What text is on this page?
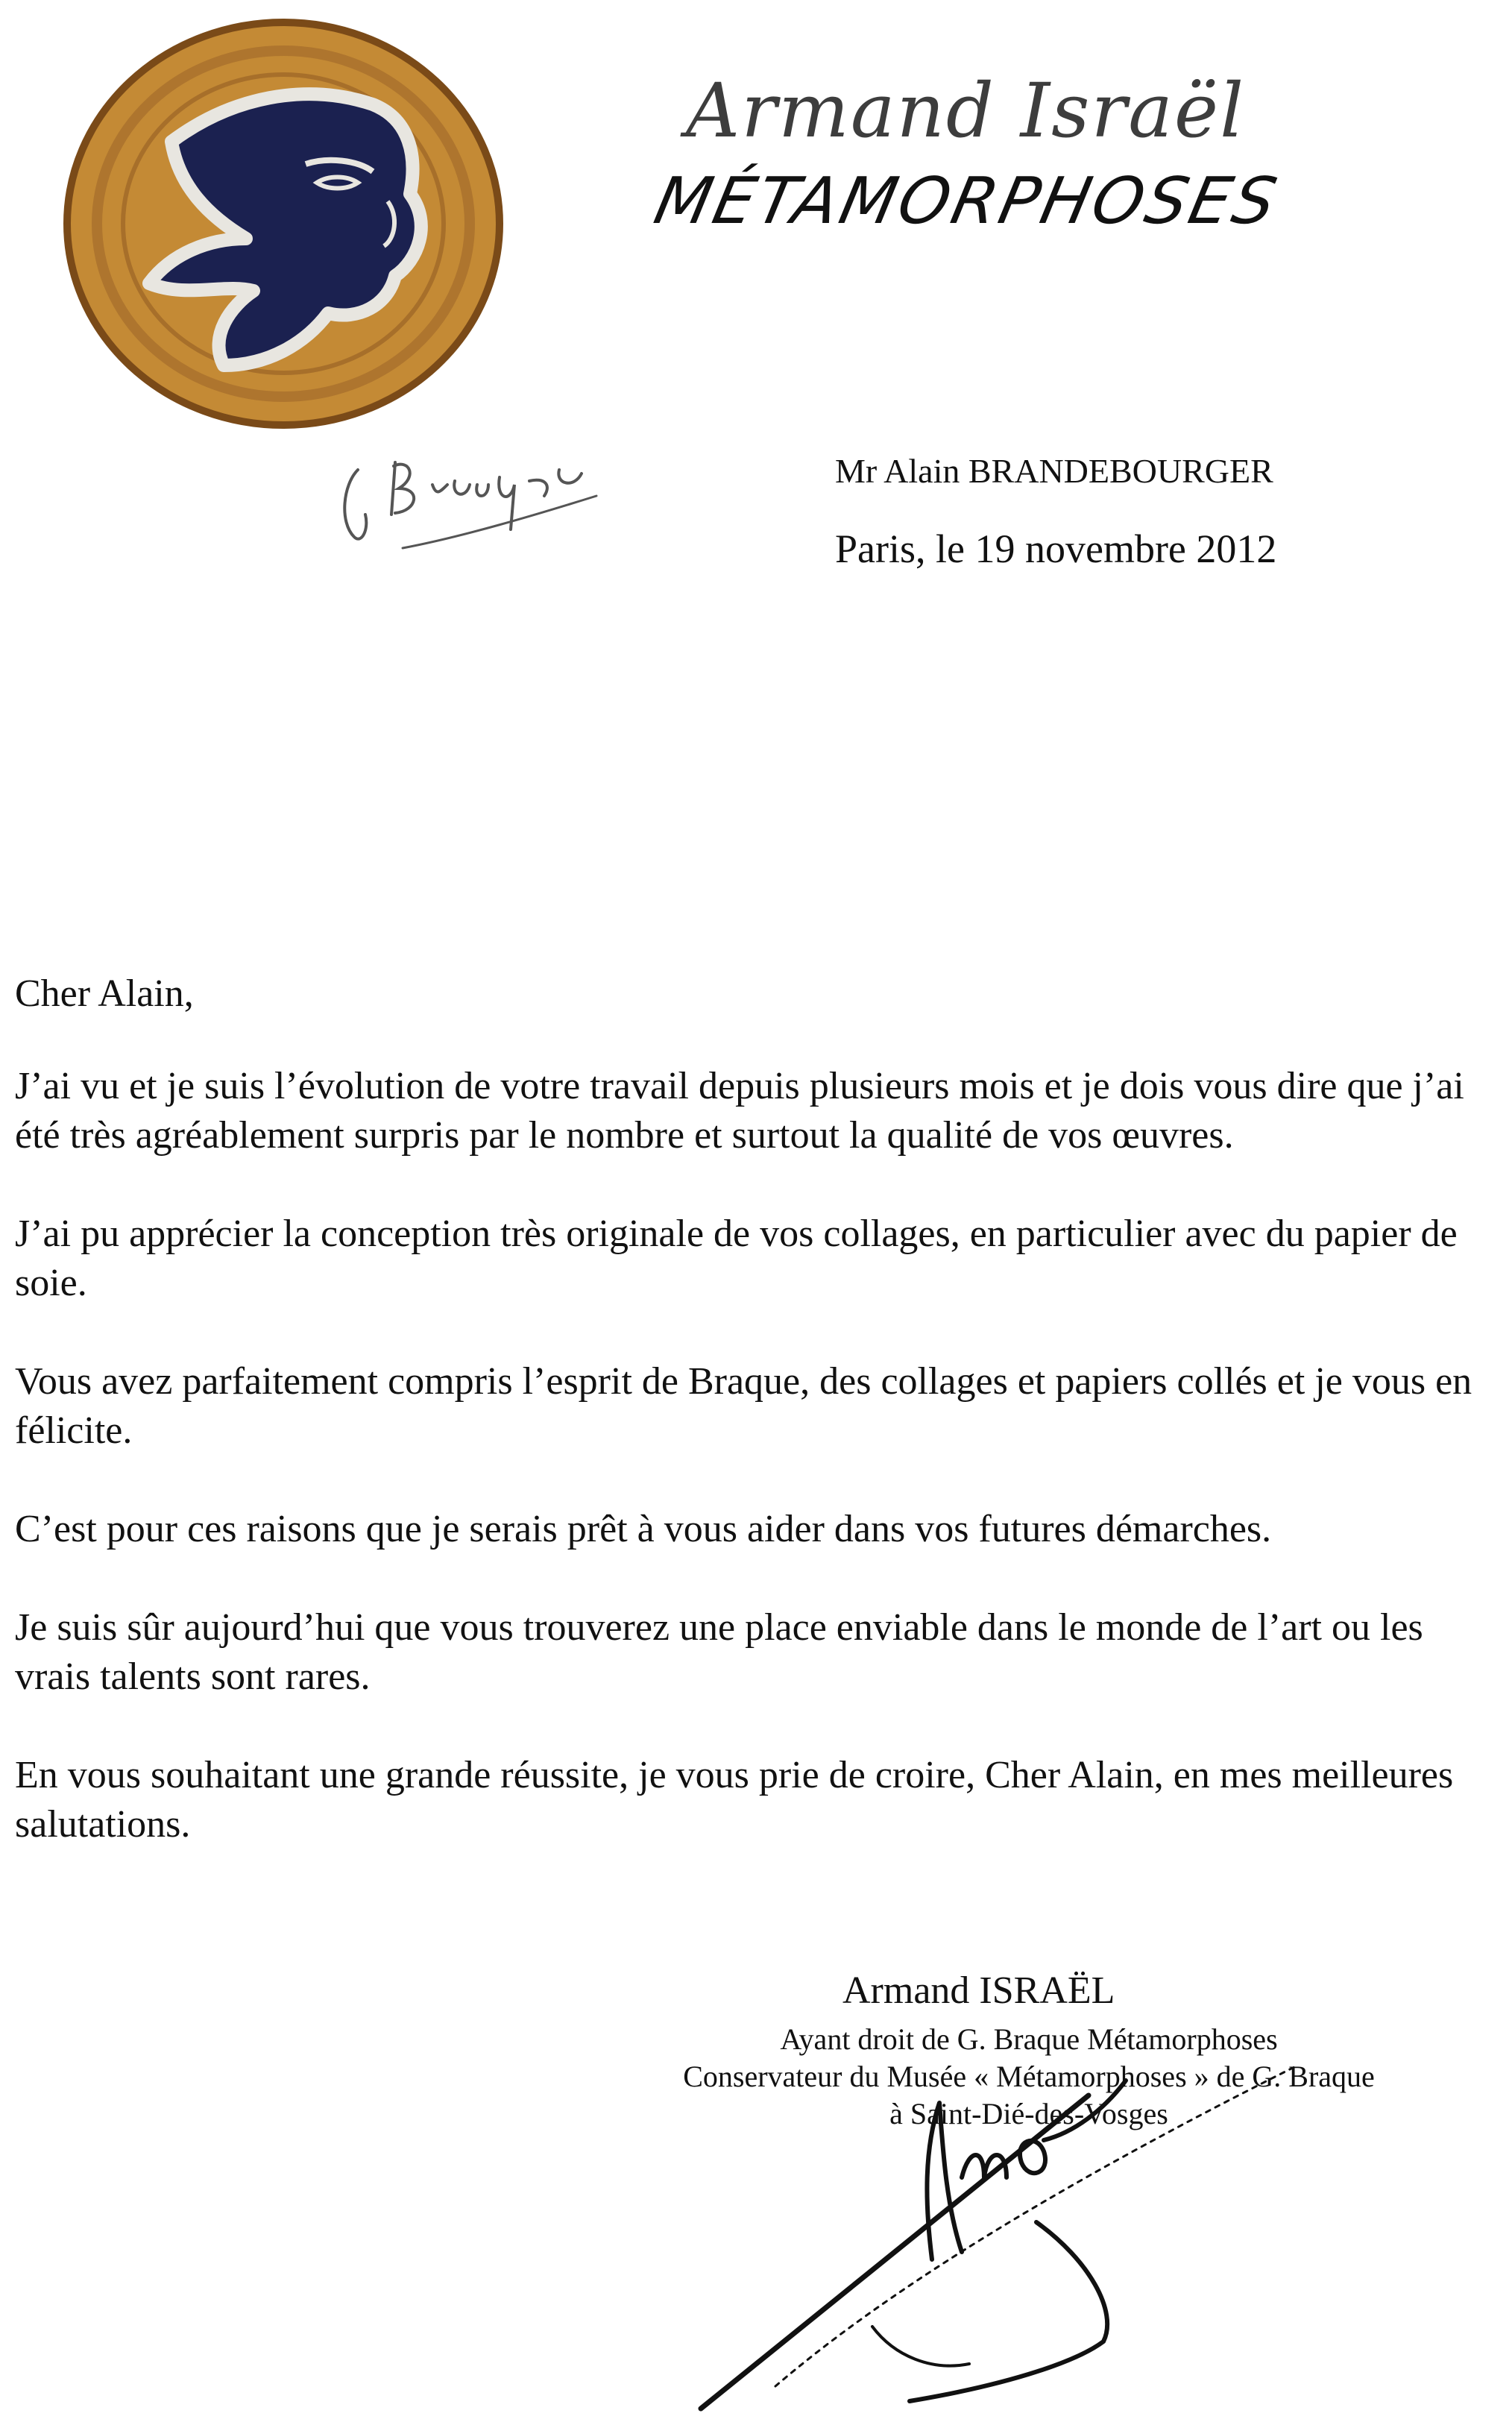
Armand Israël
MÉTAMORPHOSES
Mr Alain BRANDEBOURGER
Paris, le 19 novembre 2012

Cher Alain,

J’ai vu et je suis l’évolution de votre travail depuis plusieurs mois et je dois vous dire que j’ai été très agréablement surpris par le nombre et surtout la qualité de vos œuvres.

J’ai pu apprécier la conception très originale de vos collages, en particulier avec du papier de soie.

Vous avez parfaitement compris l’esprit de Braque, des collages et papiers collés et je vous en félicite.

C’est pour ces raisons que je serais prêt à vous aider dans vos futures démarches.

Je suis sûr aujourd’hui que vous trouverez une place enviable dans le monde de l’art ou les vrais talents sont rares.

En vous souhaitant une grande réussite, je vous prie de croire, Cher Alain, en mes meilleures salutations.

Armand ISRAËL
Ayant droit de G. Braque Métamorphoses
Conservateur du Musée « Métamorphoses » de G. Braque
à Saint-Dié-des-Vosges
